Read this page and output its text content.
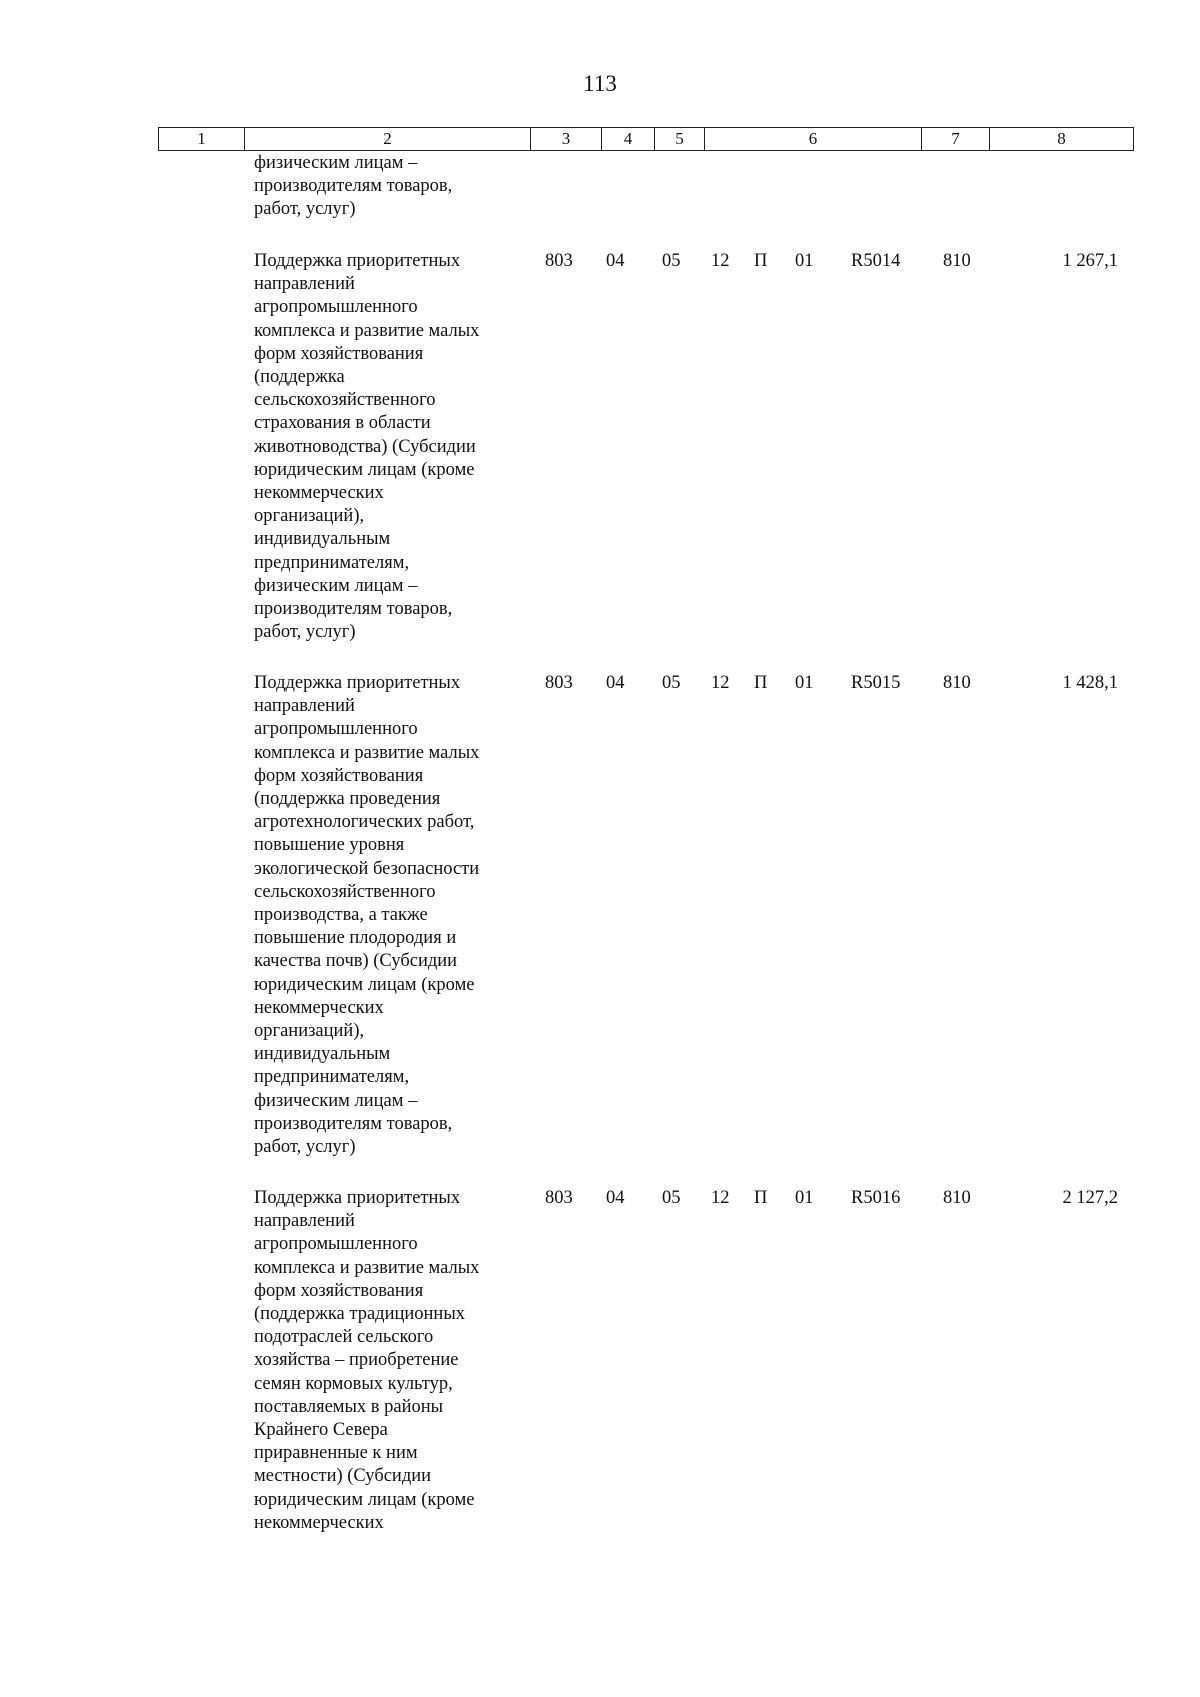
113
1	2	3	4	5	6	7	8
физическим лицам –
производителям товаров,
работ, услуг)
Поддержка приоритетных
направлений
агропромышленного
комплекса и развитие малых
форм хозяйствования
(поддержка
сельскохозяйственного
страхования в области
животноводства) (Субсидии
юридическим лицам (кроме
некоммерческих
организаций),
индивидуальным
предпринимателям,
физическим лицам –
производителям товаров,
работ, услуг)
803 04 05 12 П 01 R5014 810	1 267,1
Поддержка приоритетных
направлений
агропромышленного
комплекса и развитие малых
форм хозяйствования
(поддержка проведения
агротехнологических работ,
повышение уровня
экологической безопасности
сельскохозяйственного
производства, а также
повышение плодородия и
качества почв) (Субсидии
юридическим лицам (кроме
некоммерческих
организаций),
индивидуальным
предпринимателям,
физическим лицам –
производителям товаров,
работ, услуг)
803 04 05 12 П 01 R5015 810	1 428,1
Поддержка приоритетных
направлений
агропромышленного
комплекса и развитие малых
форм хозяйствования
(поддержка традиционных
подотраслей сельского
хозяйства – приобретение
семян кормовых культур,
поставляемых в районы
Крайнего Севера
приравненные к ним
местности) (Субсидии
юридическим лицам (кроме
некоммерческих
803 04 05 12 П 01 R5016 810	2 127,2
